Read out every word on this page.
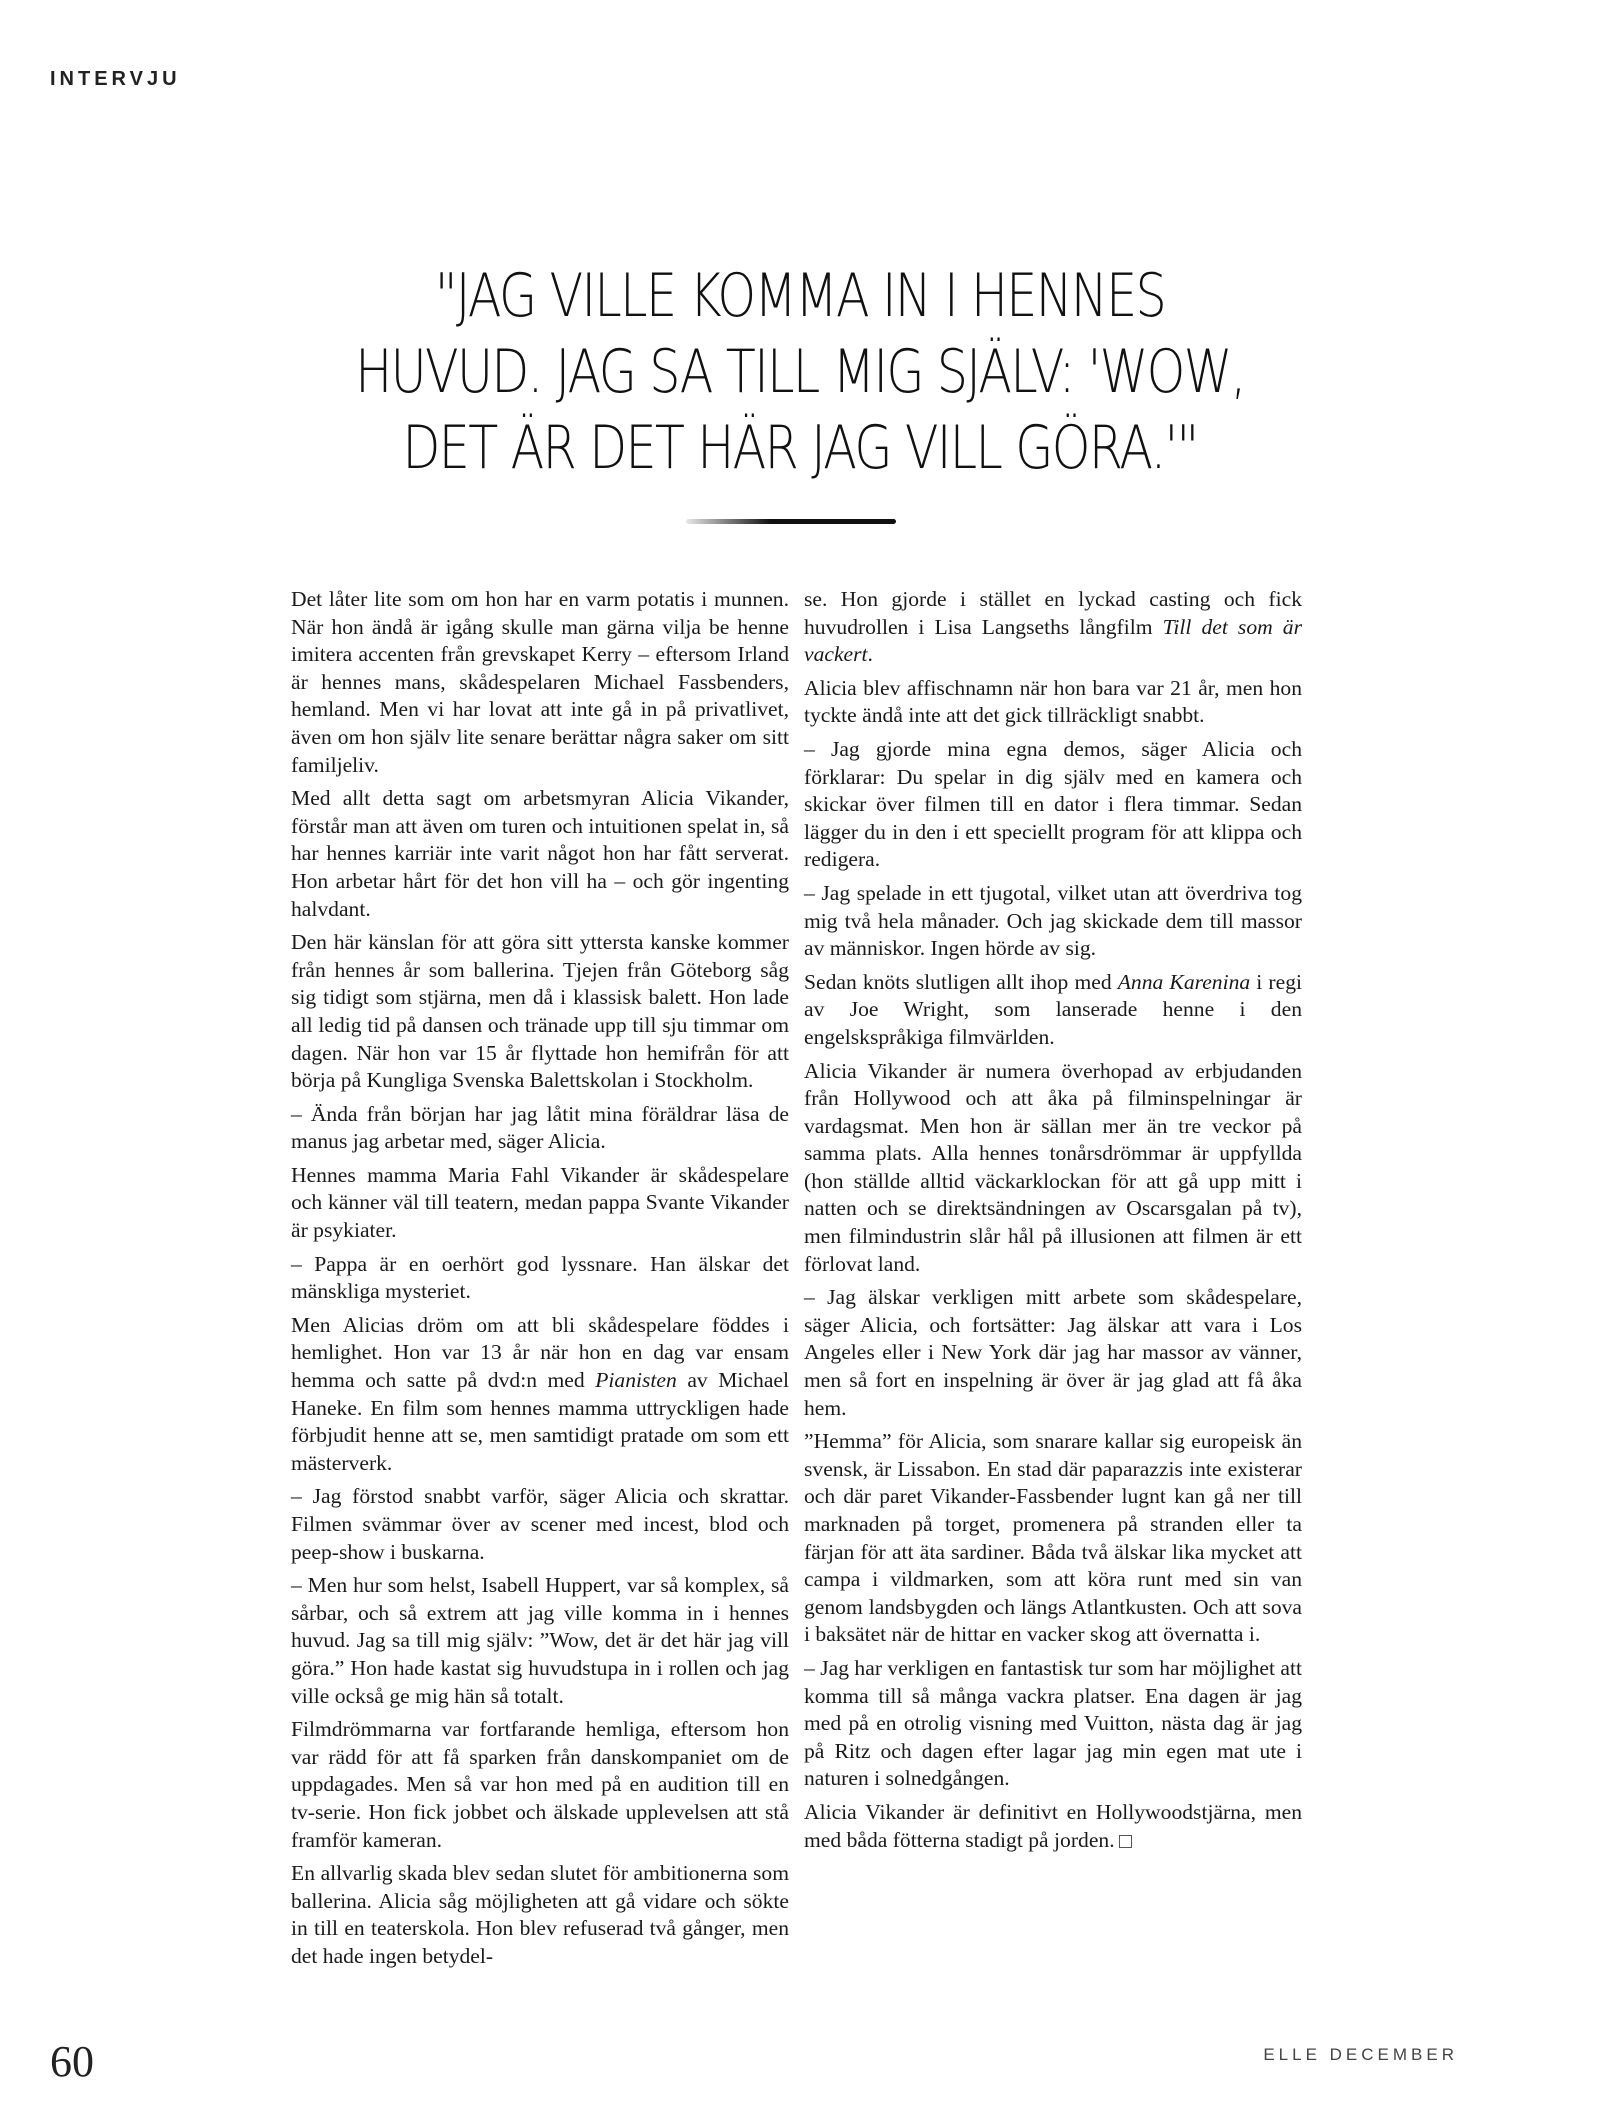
INTERVJU
"JAG VILLE KOMMA IN I HENNES
HUVUD. JAG SA TILL MIG SJÄLV: 'WOW,
DET ÄR DET HÄR JAG VILL GÖRA.'"

Det låter lite som om hon har en varm potatis i munnen. När hon ändå är igång skulle man gärna vilja be henne imitera accenten från grevskapet Kerry – eftersom Irland är hennes mans, skådespelaren Michael Fassbenders, hemland. Men vi har lovat att inte gå in på privatlivet, även om hon själv lite senare berättar några saker om sitt familjeliv.

Med allt detta sagt om arbetsmyran Alicia Vikander, förstår man att även om turen och intuitionen spelat in, så har hennes karriär inte varit något hon har fått serverat. Hon arbetar hårt för det hon vill ha – och gör ingenting halvdant.

Den här känslan för att göra sitt yttersta kanske kommer från hennes år som ballerina. Tjejen från Göteborg såg sig tidigt som stjärna, men då i klassisk balett. Hon lade all ledig tid på dansen och tränade upp till sju timmar om dagen. När hon var 15 år flyttade hon hemifrån för att börja på Kungliga Svenska Balettskolan i Stockholm.

– Ända från början har jag låtit mina föräldrar läsa de manus jag arbetar med, säger Alicia.

Hennes mamma Maria Fahl Vikander är skådespelare och känner väl till teatern, medan pappa Svante Vikander är psykiater.

– Pappa är en oerhört god lyssnare. Han älskar det mänskliga mysteriet.

Men Alicias dröm om att bli skådespelare föddes i hemlighet. Hon var 13 år när hon en dag var ensam hemma och satte på dvd:n med Pianisten av Michael Haneke. En film som hennes mamma uttryckligen hade förbjudit henne att se, men samtidigt pratade om som ett mästerverk.

– Jag förstod snabbt varför, säger Alicia och skrattar. Filmen svämmar över av scener med incest, blod och peep-show i buskarna.

– Men hur som helst, Isabell Huppert, var så komplex, så sårbar, och så extrem att jag ville komma in i hennes huvud. Jag sa till mig själv: ”Wow, det är det här jag vill göra.” Hon hade kastat sig huvudstupa in i rollen och jag ville också ge mig hän så totalt.

Filmdrömmarna var fortfarande hemliga, eftersom hon var rädd för att få sparken från danskompaniet om de uppdagades. Men så var hon med på en audition till en tv-serie. Hon fick jobbet och älskade upplevelsen att stå framför kameran.

En allvarlig skada blev sedan slutet för ambitionerna som ballerina. Alicia såg möjligheten att gå vidare och sökte in till en teaterskola. Hon blev refuserad två gånger, men det hade ingen betydel-

se. Hon gjorde i stället en lyckad casting och fick huvudrollen i Lisa Langseths långfilm Till det som är vackert.

Alicia blev affischnamn när hon bara var 21 år, men hon tyckte ändå inte att det gick tillräckligt snabbt.

– Jag gjorde mina egna demos, säger Alicia och förklarar: Du spelar in dig själv med en kamera och skickar över filmen till en dator i flera timmar. Sedan lägger du in den i ett speciellt program för att klippa och redigera.

– Jag spelade in ett tjugotal, vilket utan att överdriva tog mig två hela månader. Och jag skickade dem till massor av människor. Ingen hörde av sig.

Sedan knöts slutligen allt ihop med Anna Karenina i regi av Joe Wright, som lanserade henne i den engelskspråkiga filmvärlden.

Alicia Vikander är numera överhopad av erbjudanden från Hollywood och att åka på filminspelningar är vardagsmat. Men hon är sällan mer än tre veckor på samma plats. Alla hennes tonårsdrömmar är uppfyllda (hon ställde alltid väckarklockan för att gå upp mitt i natten och se direktsändningen av Oscarsgalan på tv), men filmindustrin slår hål på illusionen att filmen är ett förlovat land.

– Jag älskar verkligen mitt arbete som skådespelare, säger Alicia, och fortsätter: Jag älskar att vara i Los Angeles eller i New York där jag har massor av vänner, men så fort en inspelning är över är jag glad att få åka hem.

”Hemma” för Alicia, som snarare kallar sig europeisk än svensk, är Lissabon. En stad där paparazzis inte existerar och där paret Vikander-Fassbender lugnt kan gå ner till marknaden på torget, promenera på stranden eller ta färjan för att äta sardiner. Båda två älskar lika mycket att campa i vildmarken, som att köra runt med sin van genom landsbygden och längs Atlantkusten. Och att sova i baksätet när de hittar en vacker skog att övernatta i.

– Jag har verkligen en fantastisk tur som har möjlighet att komma till så många vackra platser. Ena dagen är jag med på en otrolig visning med Vuitton, nästa dag är jag på Ritz och dagen efter lagar jag min egen mat ute i naturen i solnedgången.

Alicia Vikander är definitivt en Hollywoodstjärna, men med båda fötterna stadigt på jorden.

60	ELLE DECEMBER
